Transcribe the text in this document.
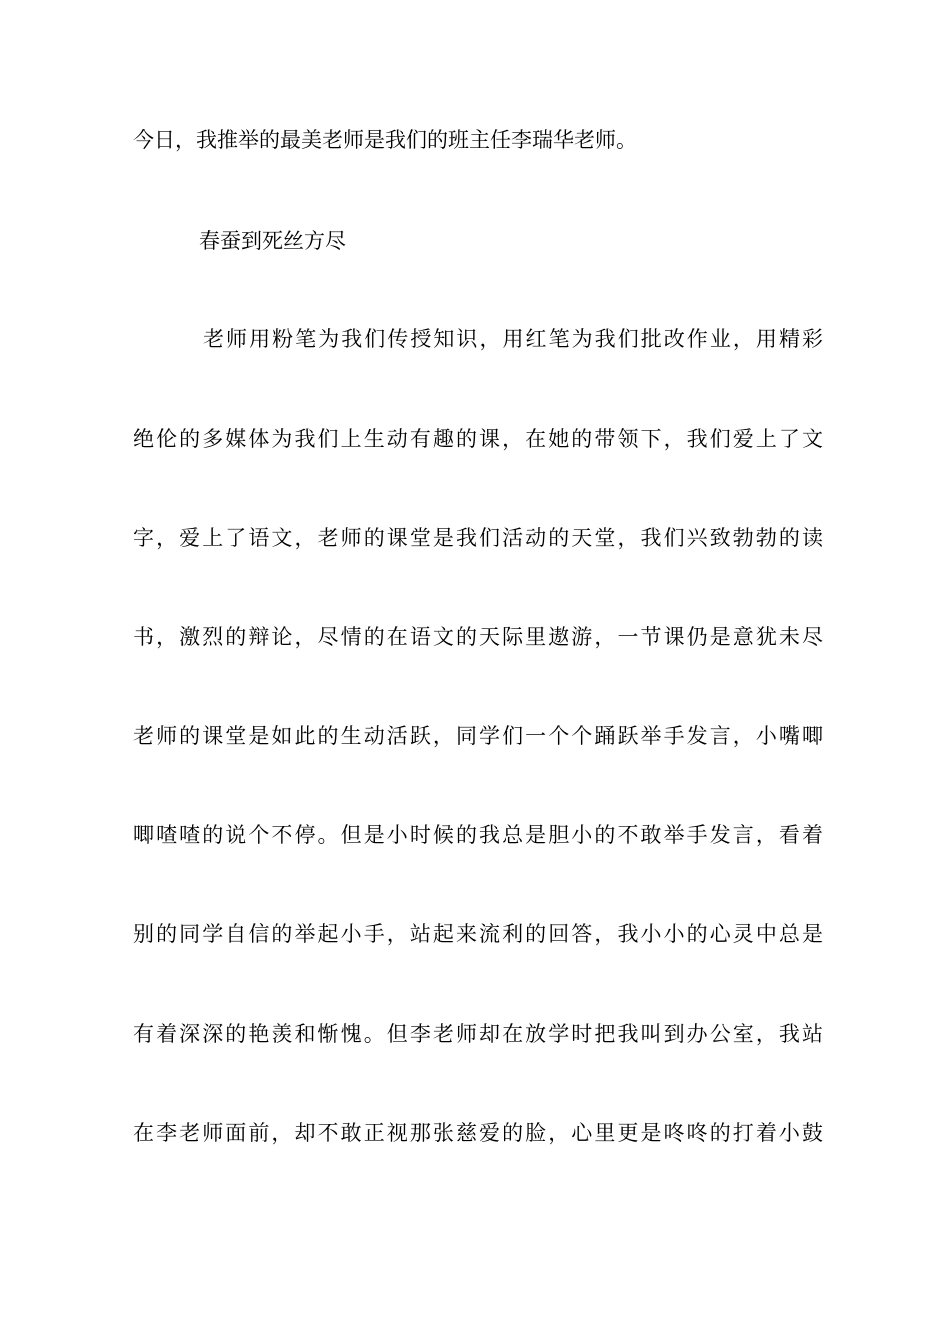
今日，我推举的最美老师是我们的班主任李瑞华老师。
春蚕到死丝方尽
老师用粉笔为我们传授知识，用红笔为我们批改作业，用精彩
绝伦的多媒体为我们上生动有趣的课，在她的带领下，我们爱上了文
字，爱上了语文，老师的课堂是我们活动的天堂，我们兴致勃勃的读
书，激烈的辩论，尽情的在语文的天际里遨游，一节课仍是意犹未尽
老师的课堂是如此的生动活跃，同学们一个个踊跃举手发言，小嘴唧
唧喳喳的说个不停。但是小时候的我总是胆小的不敢举手发言，看着
别的同学自信的举起小手，站起来流利的回答，我小小的心灵中总是
有着深深的艳羡和惭愧。但李老师却在放学时把我叫到办公室，我站
在李老师面前，却不敢正视那张慈爱的脸，心里更是咚咚的打着小鼓
